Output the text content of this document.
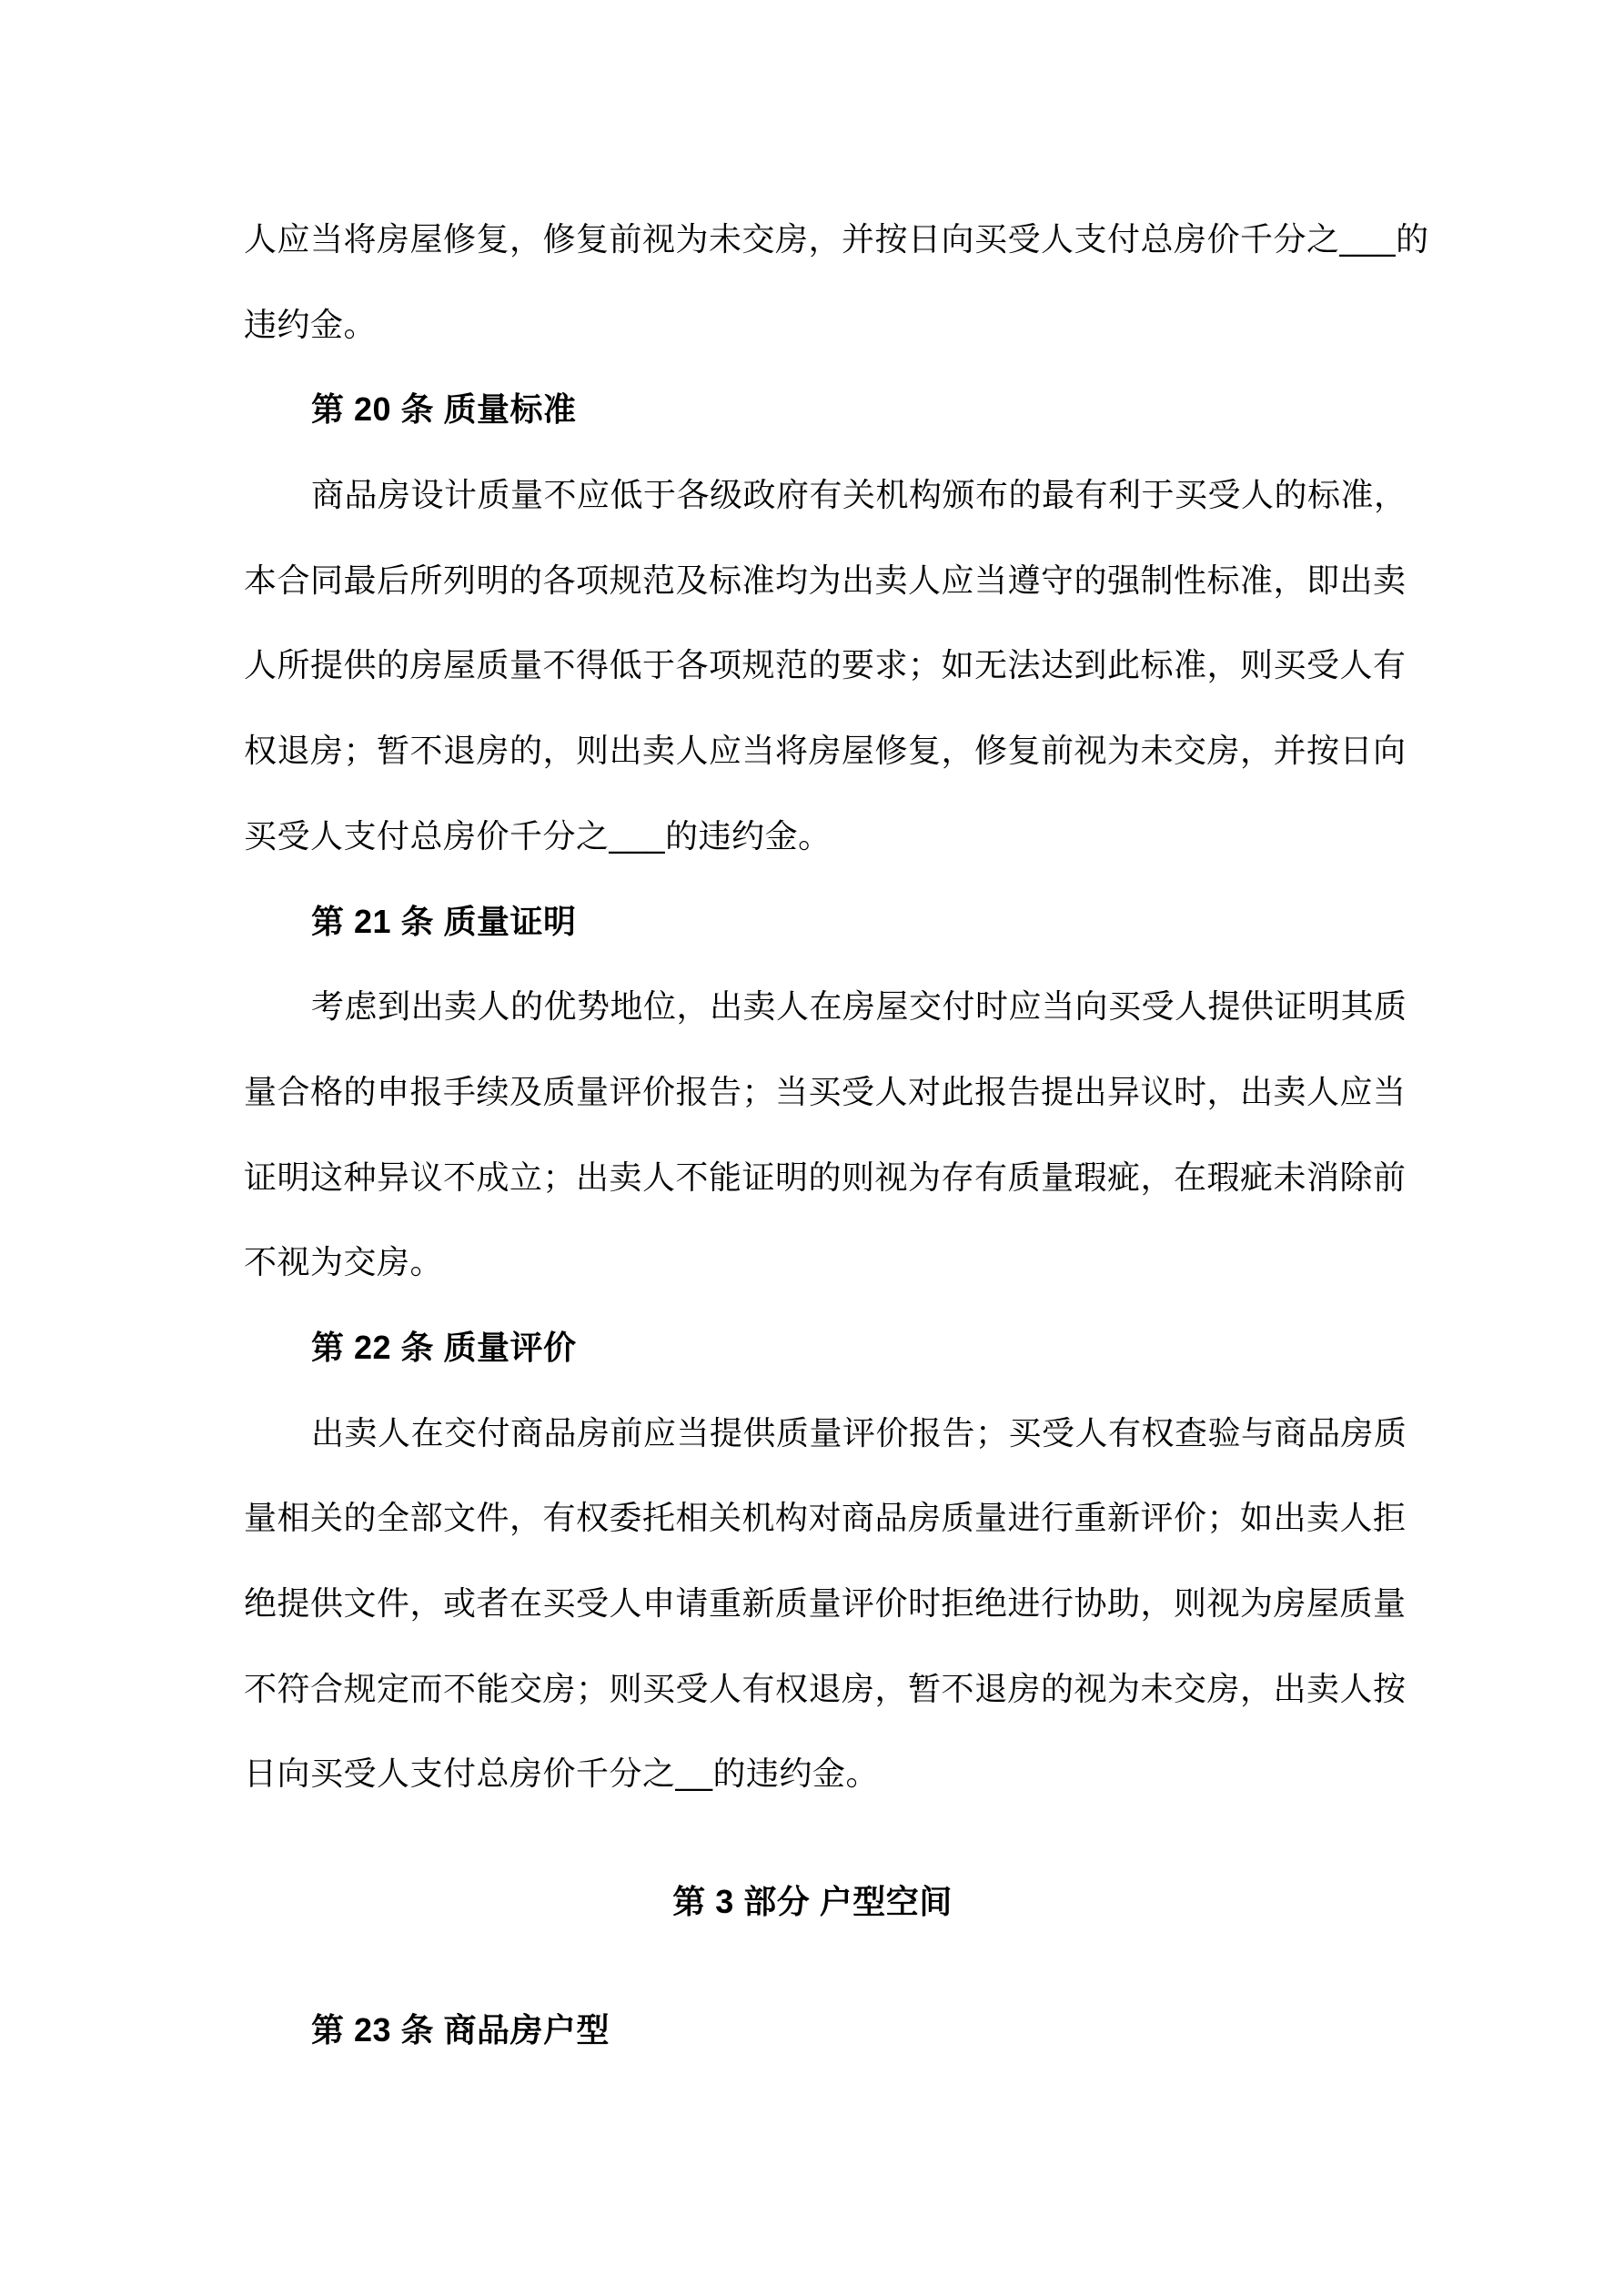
人应当将房屋修复，修复前视为未交房，并按日向买受人支付总房价千分之___的
违约金。
第 20 条 质量标准
商品房设计质量不应低于各级政府有关机构颁布的最有利于买受人的标准，
本合同最后所列明的各项规范及标准均为出卖人应当遵守的强制性标准，即出卖
人所提供的房屋质量不得低于各项规范的要求；如无法达到此标准，则买受人有
权退房；暂不退房的，则出卖人应当将房屋修复，修复前视为未交房，并按日向
买受人支付总房价千分之___的违约金。
第 21 条 质量证明
考虑到出卖人的优势地位，出卖人在房屋交付时应当向买受人提供证明其质
量合格的申报手续及质量评价报告；当买受人对此报告提出异议时，出卖人应当
证明这种异议不成立；出卖人不能证明的则视为存有质量瑕疵，在瑕疵未消除前
不视为交房。
第 22 条 质量评价
出卖人在交付商品房前应当提供质量评价报告；买受人有权查验与商品房质
量相关的全部文件，有权委托相关机构对商品房质量进行重新评价；如出卖人拒
绝提供文件，或者在买受人申请重新质量评价时拒绝进行协助，则视为房屋质量
不符合规定而不能交房；则买受人有权退房，暂不退房的视为未交房，出卖人按
日向买受人支付总房价千分之__的违约金。
第 3 部分 户型空间
第 23 条 商品房户型
